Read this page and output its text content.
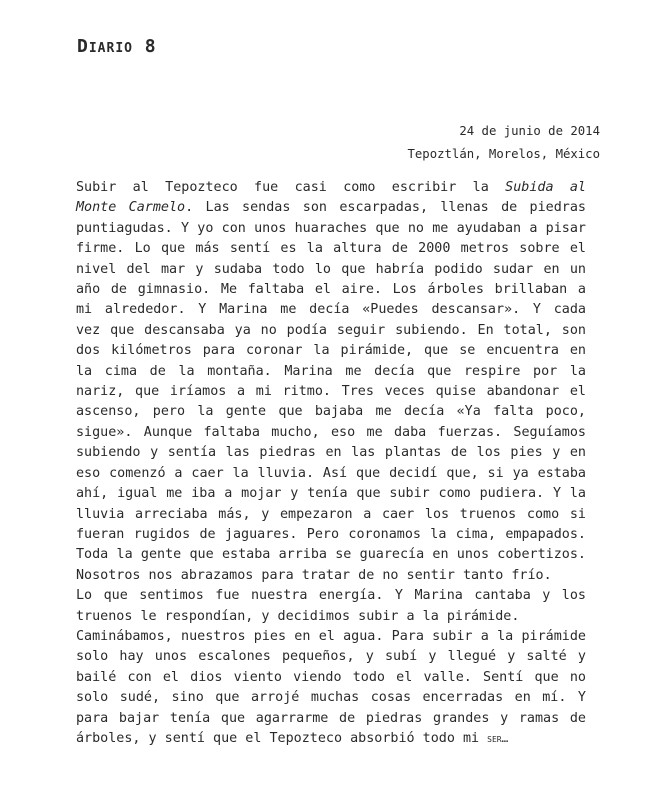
Diario 8
24 de junio de 2014
Tepoztlán, Morelos, México
Subir al Tepozteco fue casi como escribir la Subida al
Monte Carmelo. Las sendas son escarpadas, llenas de piedras
puntiagudas. Y yo con unos huaraches que no me ayudaban a pisar
firme. Lo que más sentí es la altura de 2000 metros sobre el
nivel del mar y sudaba todo lo que habría podido sudar en un
año de gimnasio. Me faltaba el aire. Los árboles brillaban a
mi alrededor. Y Marina me decía «Puedes descansar». Y cada
vez que descansaba ya no podía seguir subiendo. En total, son
dos kilómetros para coronar la pirámide, que se encuentra en
la cima de la montaña. Marina me decía que respire por la
nariz, que iríamos a mi ritmo. Tres veces quise abandonar el
ascenso, pero la gente que bajaba me decía «Ya falta poco,
sigue». Aunque faltaba mucho, eso me daba fuerzas. Seguíamos
subiendo y sentía las piedras en las plantas de los pies y en
eso comenzó a caer la lluvia. Así que decidí que, si ya estaba
ahí, igual me iba a mojar y tenía que subir como pudiera. Y la
lluvia arreciaba más, y empezaron a caer los truenos como si
fueran rugidos de jaguares. Pero coronamos la cima, empapados.
Toda la gente que estaba arriba se guarecía en unos cobertizos.
Nosotros nos abrazamos para tratar de no sentir tanto frío.
Lo que sentimos fue nuestra energía. Y Marina cantaba y los
truenos le respondían, y decidimos subir a la pirámide.
Caminábamos, nuestros pies en el agua. Para subir a la pirámide
solo hay unos escalones pequeños, y subí y llegué y salté y
bailé con el dios viento viendo todo el valle. Sentí que no
solo sudé, sino que arrojé muchas cosas encerradas en mí. Y
para bajar tenía que agarrarme de piedras grandes y ramas de
árboles, y sentí que el Tepozteco absorbió todo mi ser…
